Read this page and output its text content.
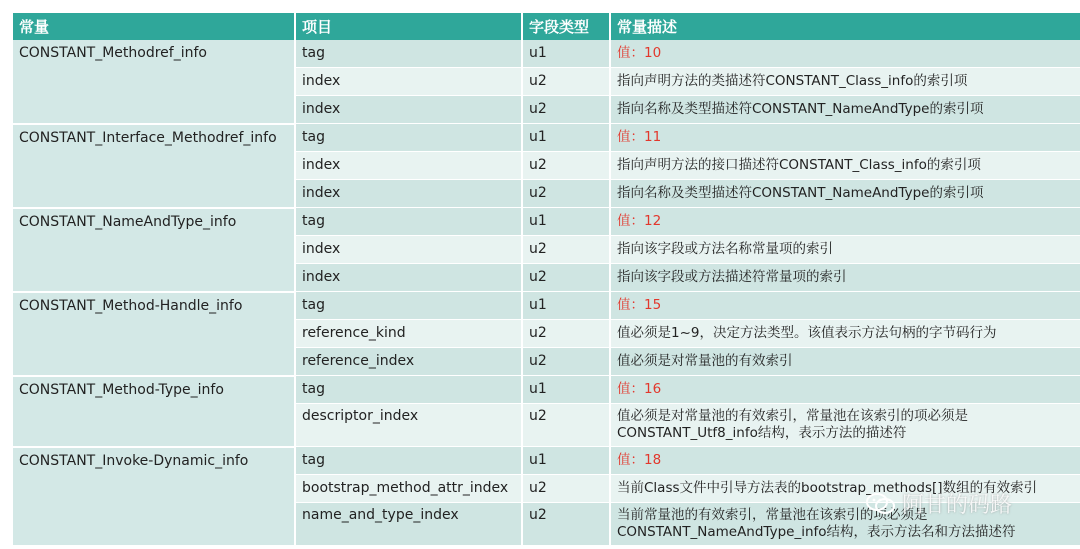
常量	项目	字段类型	常量描述
CONSTANT_Methodref_info	tag	u1	值：10
	index	u2	指向声明方法的类描述符CONSTANT_Class_info的索引项
	index	u2	指向名称及类型描述符CONSTANT_NameAndType的索引项
CONSTANT_Interface_Methodref_info	tag	u1	值：11
	index	u2	指向声明方法的接口描述符CONSTANT_Class_info的索引项
	index	u2	指向名称及类型描述符CONSTANT_NameAndType的索引项
CONSTANT_NameAndType_info	tag	u1	值：12
	index	u2	指向该字段或方法名称常量项的索引
	index	u2	指向该字段或方法描述符常量项的索引
CONSTANT_Method-Handle_info	tag	u1	值：15
	reference_kind	u2	值必须是1~9，决定方法类型。该值表示方法句柄的字节码行为
	reference_index	u2	值必须是对常量池的有效索引
CONSTANT_Method-Type_info	tag	u1	值：16
	descriptor_index	u2	值必须是对常量池的有效索引，常量池在该索引的项必须是 CONSTANT_Utf8_info结构，表示方法的描述符
CONSTANT_Invoke-Dynamic_info	tag	u1	值：18
	bootstrap_method_attr_index	u2	当前Class文件中引导方法表的bootstrap_methods[]数组的有效索引
	name_and_type_index	u2	当前常量池的有效索引，常量池在该索引的项必须是 CONSTANT_NameAndType_info结构，表示方法名和方法描述符
阿甘的码路
